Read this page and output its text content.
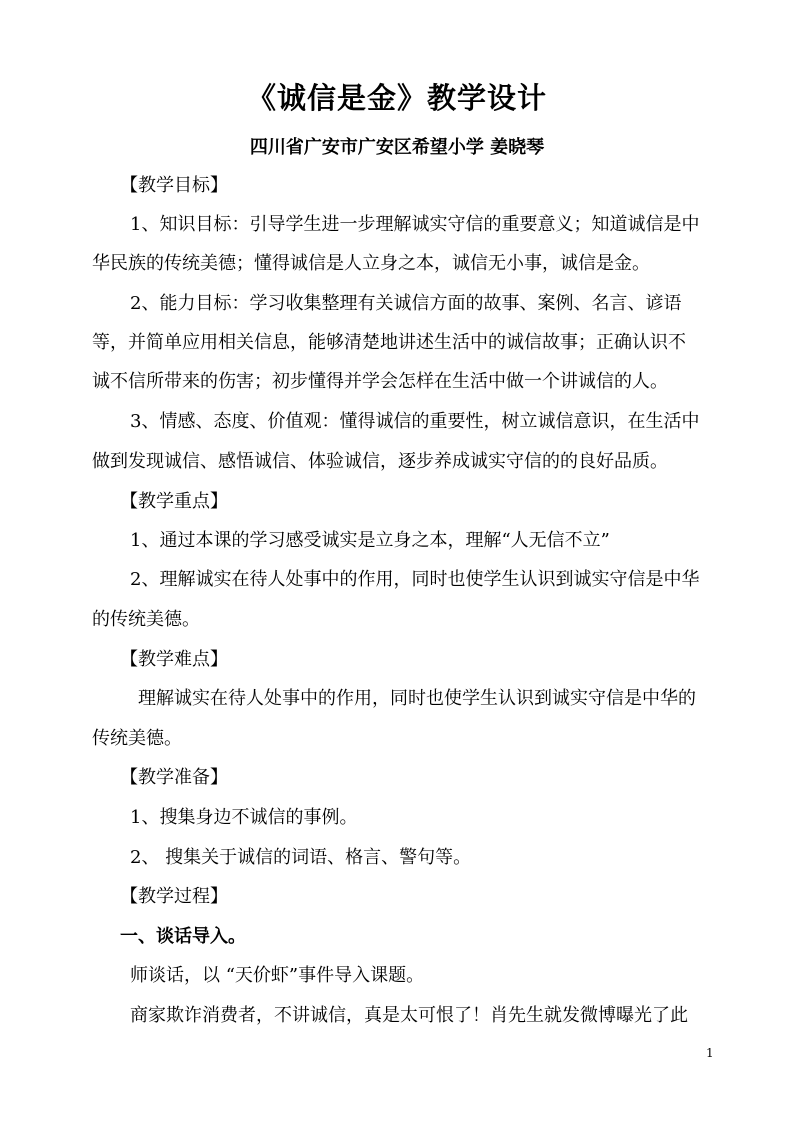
《诚信是金》教学设计
四川省广安市广安区希望小学 姜晓琴
【教学目标】
1、知识目标：引导学生进一步理解诚实守信的重要意义；知道诚信是中
华民族的传统美德；懂得诚信是人立身之本，诚信无小事，诚信是金。
2、能力目标：学习收集整理有关诚信方面的故事、案例、名言、谚语
等，并简单应用相关信息，能够清楚地讲述生活中的诚信故事；正确认识不
诚不信所带来的伤害；初步懂得并学会怎样在生活中做一个讲诚信的人。
3、情感、态度、价值观：懂得诚信的重要性，树立诚信意识，在生活中
做到发现诚信、感悟诚信、体验诚信，逐步养成诚实守信的的良好品质。
【教学重点】
1、通过本课的学习感受诚实是立身之本，理解“人无信不立”
2、理解诚实在待人处事中的作用，同时也使学生认识到诚实守信是中华
的传统美德。
【教学难点】
理解诚实在待人处事中的作用，同时也使学生认识到诚实守信是中华的
传统美德。
【教学准备】
1、搜集身边不诚信的事例。
2、 搜集关于诚信的词语、格言、警句等。
【教学过程】
一、谈话导入。
师谈话，以 “天价虾”事件导入课题。
商家欺诈消费者，不讲诚信，真是太可恨了！肖先生就发微博曝光了此
1
